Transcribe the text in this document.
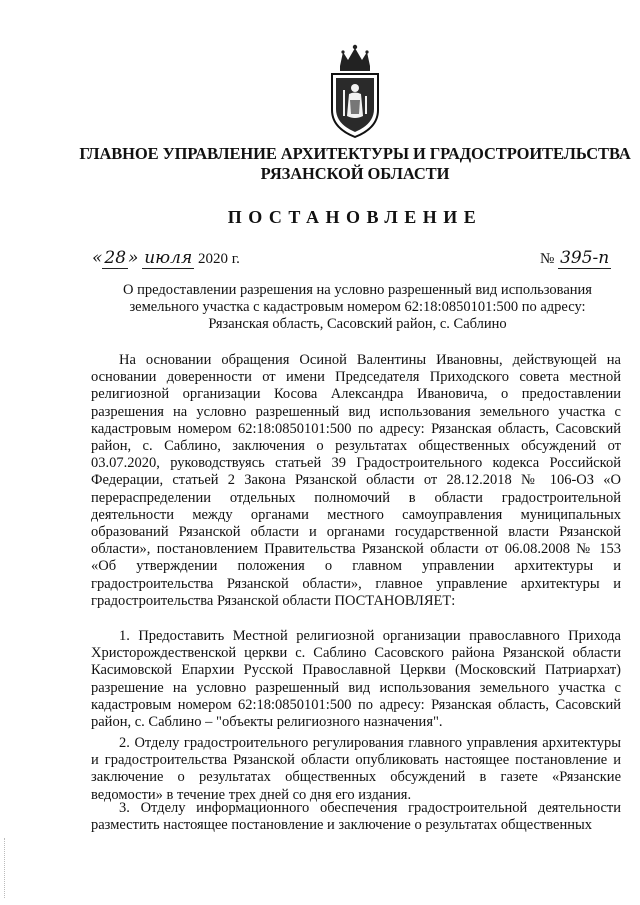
ГЛАВНОЕ УПРАВЛЕНИЕ АРХИТЕКТУРЫ И ГРАДОСТРОИТЕЛЬСТВА
РЯЗАНСКОЙ ОБЛАСТИ
ПОСТАНОВЛЕНИЕ
« 28 » июля 2020 г.	№ 395-п
О предоставлении разрешения на условно разрешенный вид использования
земельного участка с кадастровым номером 62:18:0850101:500 по адресу:
Рязанская область, Сасовский район, с. Саблино
На основании обращения Осиной Валентины Ивановны, действующей на основании доверенности от имени Председателя Приходского совета местной религиозной организации Косова Александра Ивановича, о предоставлении разрешения на условно разрешенный вид использования земельного участка с кадастровым номером 62:18:0850101:500 по адресу: Рязанская область, Сасовский район, с. Саблино, заключения о результатах общественных обсуждений от 03.07.2020, руководствуясь статьей 39 Градостроительного кодекса Российской Федерации, статьей 2 Закона Рязанской области от 28.12.2018 № 106-ОЗ «О перераспределении отдельных полномочий в области градостроительной деятельности между органами местного самоуправления муниципальных образований Рязанской области и органами государственной власти Рязанской области», постановлением Правительства Рязанской области от 06.08.2008 № 153 «Об утверждении положения о главном управлении архитектуры и градостроительства Рязанской области», главное управление архитектуры и градостроительства Рязанской области ПОСТАНОВЛЯЕТ:
1. Предоставить Местной религиозной организации православного Прихода Христорождественской церкви с. Саблино Сасовского района Рязанской области Касимовской Епархии Русской Православной Церкви (Московский Патриархат) разрешение на условно разрешенный вид использования земельного участка с кадастровым номером 62:18:0850101:500 по адресу: Рязанская область, Сасовский район, с. Саблино – "объекты религиозного назначения".
2. Отделу градостроительного регулирования главного управления архитектуры и градостроительства Рязанской области опубликовать настоящее постановление и заключение о результатах общественных обсуждений в газете «Рязанские ведомости» в течение трех дней со дня его издания.
3. Отделу информационного обеспечения градостроительной деятельности разместить настоящее постановление и заключение о результатах общественных
